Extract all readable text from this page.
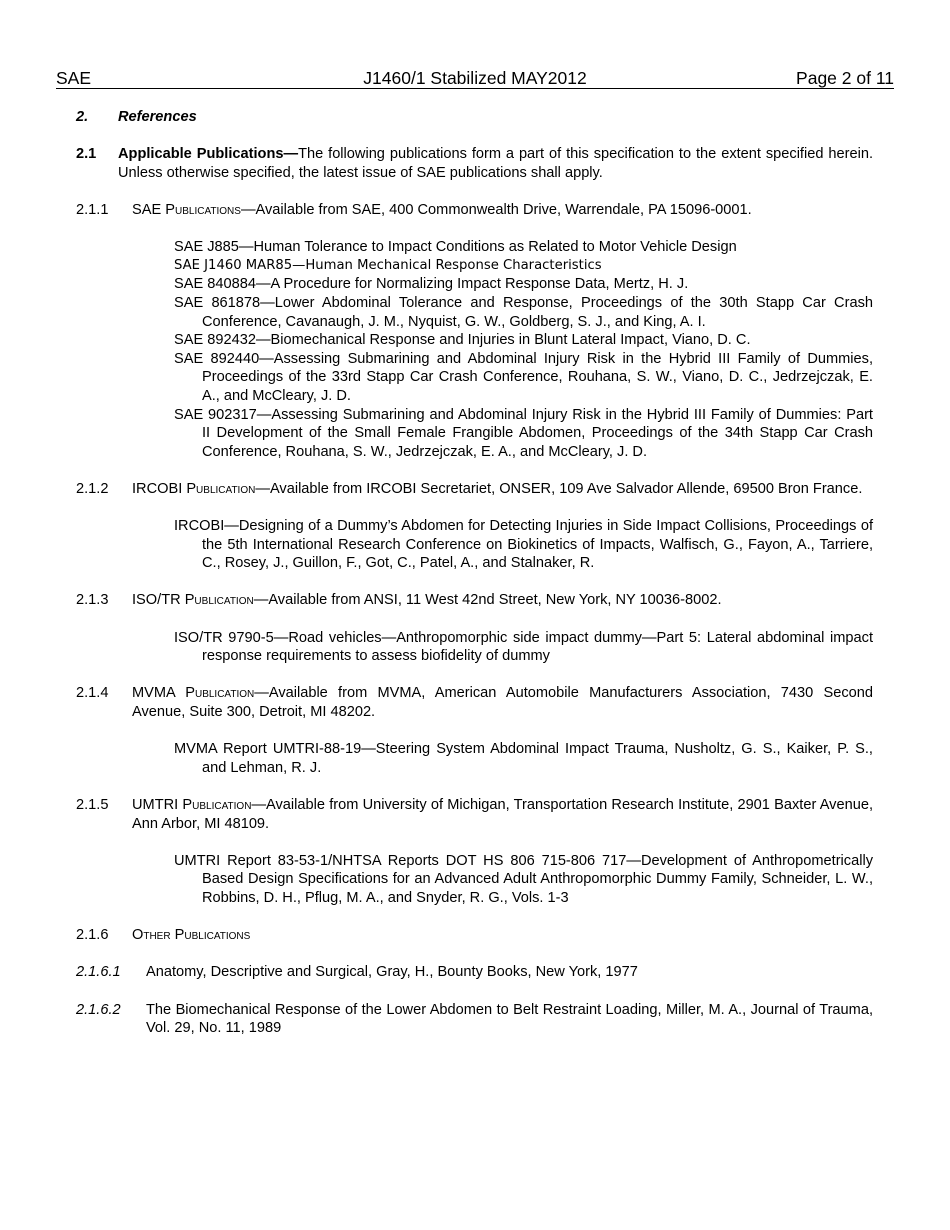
SAE	J1460/1 Stabilized MAY2012	Page 2 of 11
2. References
2.1 Applicable Publications—The following publications form a part of this specification to the extent specified herein. Unless otherwise specified, the latest issue of SAE publications shall apply.
2.1.1 SAE Publications—Available from SAE, 400 Commonwealth Drive, Warrendale, PA 15096-0001.

SAE J885—Human Tolerance to Impact Conditions as Related to Motor Vehicle Design

SAE J1460 MAR85—Human Mechanical Response Characteristics

SAE 840884—A Procedure for Normalizing Impact Response Data, Mertz, H. J.

SAE 861878—Lower Abdominal Tolerance and Response, Proceedings of the 30th Stapp Car Crash Conference, Cavanaugh, J. M., Nyquist, G. W., Goldberg, S. J., and King, A. I.

SAE 892432—Biomechanical Response and Injuries in Blunt Lateral Impact, Viano, D. C.

SAE 892440—Assessing Submarining and Abdominal Injury Risk in the Hybrid III Family of Dummies, Proceedings of the 33rd Stapp Car Crash Conference, Rouhana, S. W., Viano, D. C., Jedrzejczak, E. A., and McCleary, J. D.

SAE 902317—Assessing Submarining and Abdominal Injury Risk in the Hybrid III Family of Dummies: Part II Development of the Small Female Frangible Abdomen, Proceedings of the 34th Stapp Car Crash Conference, Rouhana, S. W., Jedrzejczak, E. A., and McCleary, J. D.

2.1.2 IRCOBI Publication—Available from IRCOBI Secretariet, ONSER, 109 Ave Salvador Allende, 69500 Bron France.

IRCOBI—Designing of a Dummy’s Abdomen for Detecting Injuries in Side Impact Collisions, Proceedings of the 5th International Research Conference on Biokinetics of Impacts, Walfisch, G., Fayon, A., Tarriere, C., Rosey, J., Guillon, F., Got, C., Patel, A., and Stalnaker, R.

2.1.3 ISO/TR Publication—Available from ANSI, 11 West 42nd Street, New York, NY 10036-8002.

ISO/TR 9790-5—Road vehicles—Anthropomorphic side impact dummy—Part 5: Lateral abdominal impact response requirements to assess biofidelity of dummy

2.1.4 MVMA Publication—Available from MVMA, American Automobile Manufacturers Association, 7430 Second Avenue, Suite 300, Detroit, MI 48202.

MVMA Report UMTRI-88-19—Steering System Abdominal Impact Trauma, Nusholtz, G. S., Kaiker, P. S., and Lehman, R. J.

2.1.5 UMTRI Publication—Available from University of Michigan, Transportation Research Institute, 2901 Baxter Avenue, Ann Arbor, MI 48109.

UMTRI Report 83-53-1/NHTSA Reports DOT HS 806 715-806 717—Development of Anthropometrically Based Design Specifications for an Advanced Adult Anthropomorphic Dummy Family, Schneider, L. W., Robbins, D. H., Pflug, M. A., and Snyder, R. G., Vols. 1-3

2.1.6 Other Publications
2.1.6.1 Anatomy, Descriptive and Surgical, Gray, H., Bounty Books, New York, 1977
2.1.6.2 The Biomechanical Response of the Lower Abdomen to Belt Restraint Loading, Miller, M. A., Journal of Trauma, Vol. 29, No. 11, 1989
